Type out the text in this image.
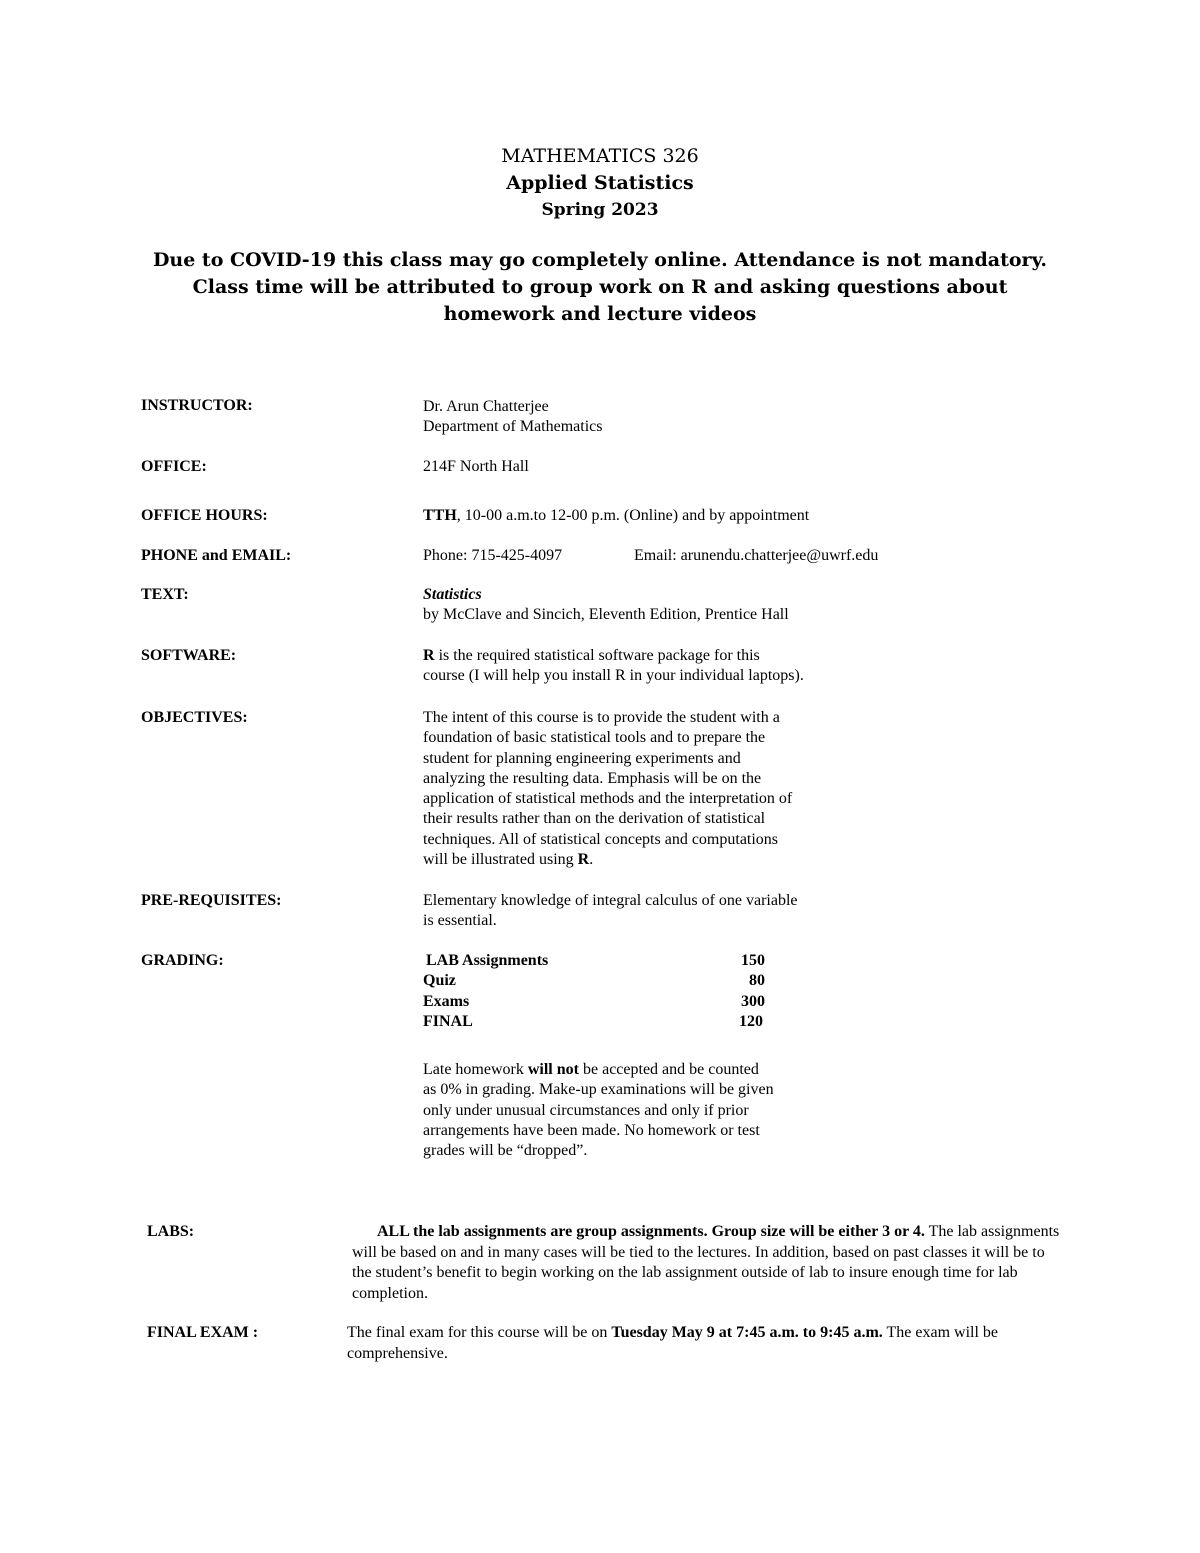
MATHEMATICS 326

Applied Statistics

Spring 2023

Due to COVID-19 this class may go completely online. Attendance is not mandatory. Class time will be attributed to group work on R and asking questions about homework and lecture videos

INSTRUCTOR:	Dr. Arun Chatterjee

Department of Mathematics

OFFICE:	214F North Hall

OFFICE HOURS:	TTH, 10-00 a.m.to 12-00 p.m. (Online) and by appointment

PHONE and EMAIL:	Phone: 715-425-4097	Email: arunendu.chatterjee@uwrf.edu

TEXT:	Statistics

by McClave and Sincich, Eleventh Edition, Prentice Hall

SOFTWARE:	R is the required statistical software package for this

course (I will help you install R in your individual laptops).

OBJECTIVES:	The intent of this course is to provide the student with a

foundation of basic statistical tools and to prepare the

student for planning engineering experiments and

analyzing the resulting data. Emphasis will be on the

application of statistical methods and the interpretation of

their results rather than on the derivation of statistical

techniques. All of statistical concepts and computations

will be illustrated using R.

PRE-REQUISITES:	Elementary knowledge of integral calculus of one variable

is essential.

GRADING:	LAB Assignments	150
Quiz	80
Exams	300
FINAL	120

Late homework will not be accepted and be counted

as 0% in grading. Make-up examinations will be given

only under unusual circumstances and only if prior

arrangements have been made. No homework or test

grades will be “dropped”.

LABS:	ALL the lab assignments are group assignments. Group size will be either 3 or 4. The lab assignments will be based on and in many cases will be tied to the lectures. In addition, based on past classes it will be to the student’s benefit to begin working on the lab assignment outside of lab to insure enough time for lab completion.

FINAL EXAM :	The final exam for this course will be on Tuesday May 9 at 7:45 a.m. to 9:45 a.m. The exam will be comprehensive.
